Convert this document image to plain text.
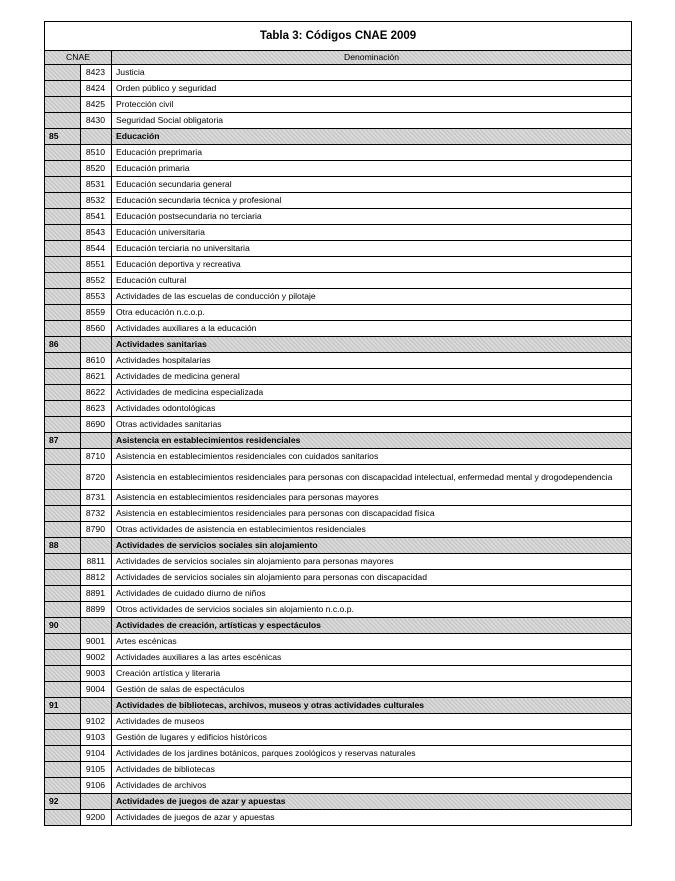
Tabla 3: Códigos CNAE 2009		
CNAE		Denominación
	8423	Justicia
	8424	Orden público y seguridad
	8425	Protección civil
	8430	Seguridad Social obligatoria
85		Educación
	8510	Educación preprimaria
	8520	Educación primaria
	8531	Educación secundaria general
	8532	Educación secundaria técnica y profesional
	8541	Educación postsecundaria no terciaria
	8543	Educación universitaria
	8544	Educación terciaria no universitaria
	8551	Educación deportiva y recreativa
	8552	Educación cultural
	8553	Actividades de las escuelas de conducción y pilotaje
	8559	Otra educación n.c.o.p.
	8560	Actividades auxiliares a la educación
86		Actividades sanitarias
	8610	Actividades hospitalarias
	8621	Actividades de medicina general
	8622	Actividades de medicina especializada
	8623	Actividades odontológicas
	8690	Otras actividades sanitarias
87		Asistencia en establecimientos residenciales
	8710	Asistencia en establecimientos residenciales con cuidados sanitarios
	8720	Asistencia en establecimientos residenciales para personas con discapacidad intelectual, enfermedad mental y drogodependencia
	8731	Asistencia en establecimientos residenciales para personas mayores
	8732	Asistencia en establecimientos residenciales para personas con discapacidad física
	8790	Otras actividades de asistencia en establecimientos residenciales
88		Actividades de servicios sociales sin alojamiento
	8811	Actividades de servicios sociales sin alojamiento para personas mayores
	8812	Actividades de servicios sociales sin alojamiento para personas con discapacidad
	8891	Actividades de cuidado diurno de niños
	8899	Otros actividades de servicios sociales sin alojamiento n.c.o.p.
90		Actividades de creación, artísticas y espectáculos
	9001	Artes escénicas
	9002	Actividades auxiliares a las artes escénicas
	9003	Creación artística y literaria
	9004	Gestión de salas de espectáculos
91		Actividades de bibliotecas, archivos, museos y otras actividades culturales
	9102	Actividades de museos
	9103	Gestión de lugares y edificios históricos
	9104	Actividades de los jardines botánicos, parques zoológicos y reservas naturales
	9105	Actividades de bibliotecas
	9106	Actividades de archivos
92		Actividades de juegos de azar y apuestas
	9200	Actividades de juegos de azar y apuestas
